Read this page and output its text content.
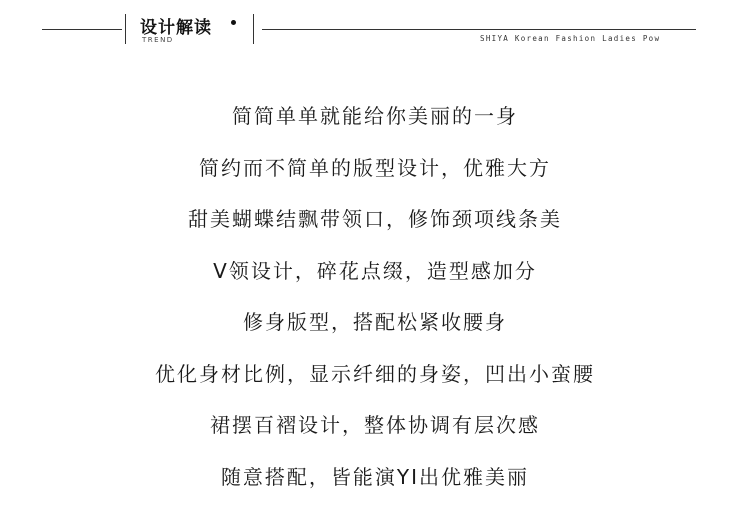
设计解读
TREND	SHIYA Korean Fashion Ladies Pow
简简单单就能给你美丽的一身
简约而不简单的版型设计，优雅大方
甜美蝴蝶结飘带领口，修饰颈项线条美
V领设计，碎花点缀，造型感加分
修身版型，搭配松紧收腰身
优化身材比例，显示纤细的身姿，凹出小蛮腰
裙摆百褶设计，整体协调有层次感
随意搭配，皆能演YI出优雅美丽
